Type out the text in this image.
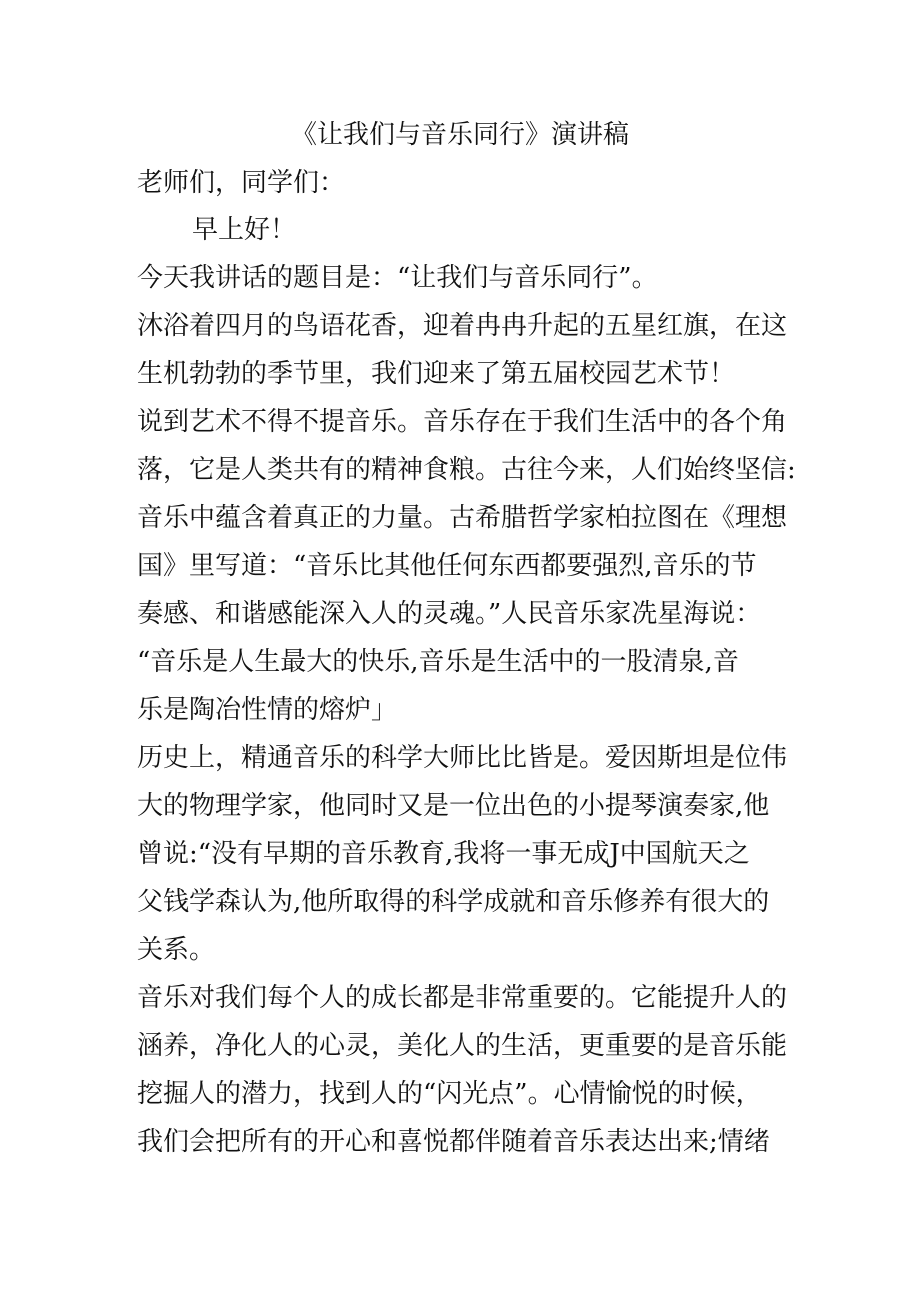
《让我们与音乐同行》演讲稿
老师们，同学们：
早上好！
今天我讲话的题目是：“让我们与音乐同行”。
沐浴着四月的鸟语花香，迎着冉冉升起的五星红旗，在这
生机勃勃的季节里，我们迎来了第五届校园艺术节！
说到艺术不得不提音乐。音乐存在于我们生活中的各个角
落，它是人类共有的精神食粮。古往今来，人们始终坚信:
音乐中蕴含着真正的力量。古希腊哲学家柏拉图在《理想
国》里写道：“音乐比其他任何东西都要强烈,音乐的节
奏感、和谐感能深入人的灵魂。”人民音乐家冼星海说：
“音乐是人生最大的快乐,音乐是生活中的一股清泉,音
乐是陶冶性情的熔炉」
历史上，精通音乐的科学大师比比皆是。爱因斯坦是位伟
大的物理学家，他同时又是一位出色的小提琴演奏家,他
曾说:“没有早期的音乐教育,我将一事无成J中国航天之
父钱学森认为,他所取得的科学成就和音乐修养有很大的
关系。
音乐对我们每个人的成长都是非常重要的。它能提升人的
涵养，净化人的心灵，美化人的生活，更重要的是音乐能
挖掘人的潜力，找到人的“闪光点”。心情愉悦的时候，
我们会把所有的开心和喜悦都伴随着音乐表达出来;情绪
